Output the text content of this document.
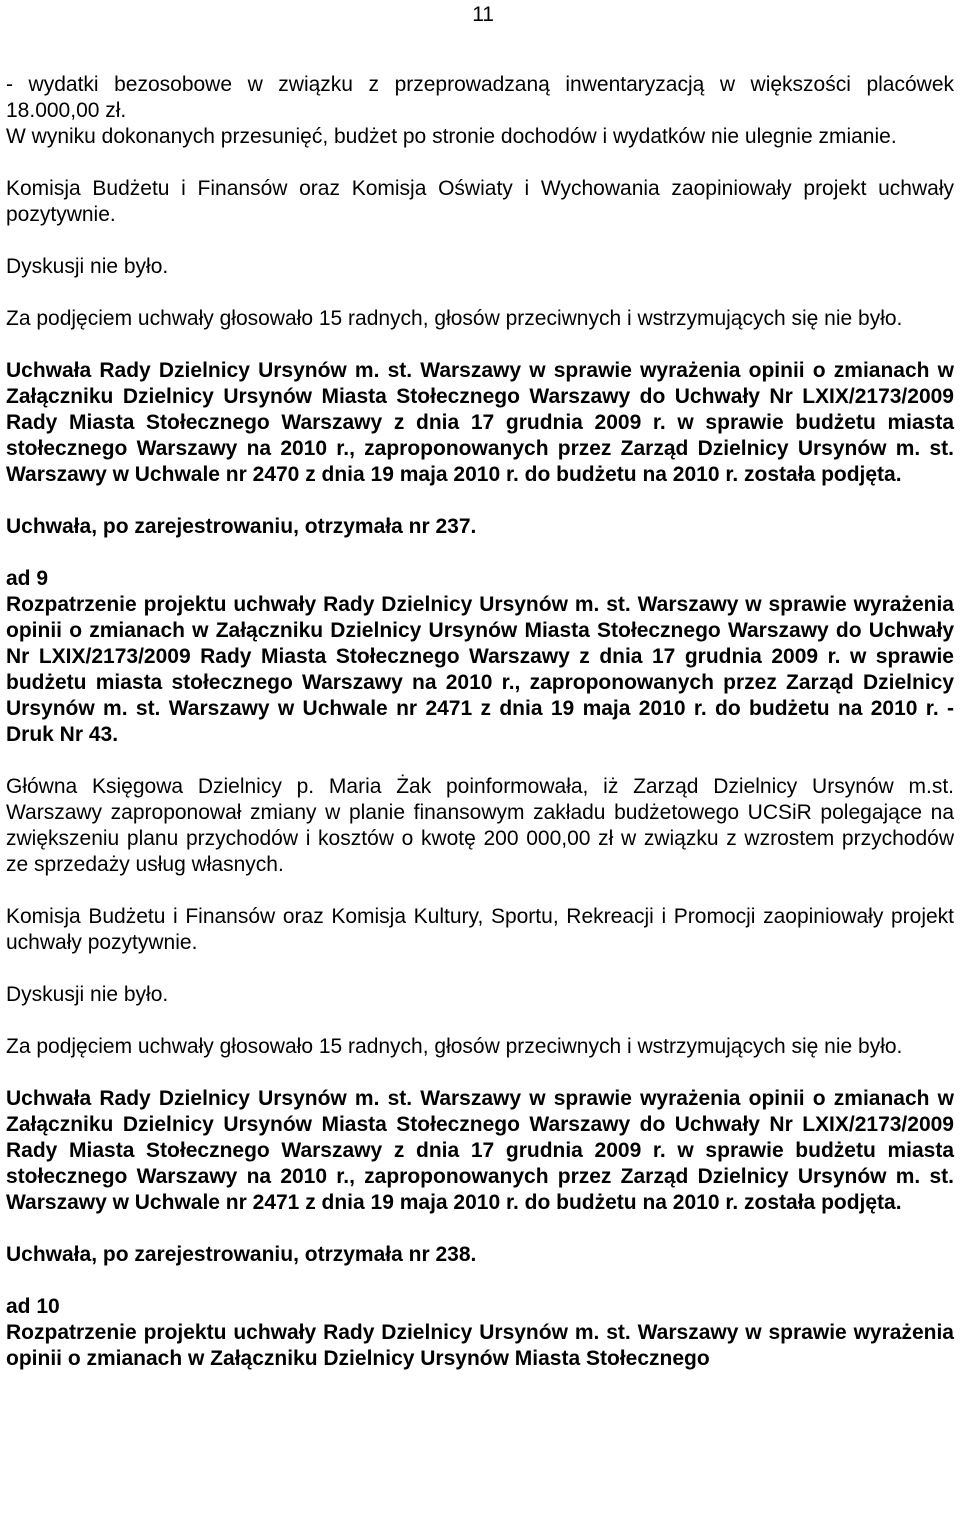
11

- wydatki bezosobowe w związku z przeprowadzaną inwentaryzacją w większości placówek 18.000,00 zł.

W wyniku dokonanych przesunięć, budżet po stronie dochodów i wydatków nie ulegnie zmianie.

Komisja Budżetu i Finansów oraz Komisja Oświaty i Wychowania zaopiniowały projekt uchwały pozytywnie.

Dyskusji nie było.

Za podjęciem uchwały głosowało 15 radnych, głosów przeciwnych i wstrzymujących się nie było.

Uchwała Rady Dzielnicy Ursynów m. st. Warszawy w sprawie wyrażenia opinii o zmianach w Załączniku Dzielnicy Ursynów Miasta Stołecznego Warszawy do Uchwały Nr LXIX/2173/2009 Rady Miasta Stołecznego Warszawy z dnia 17 grudnia 2009 r. w sprawie budżetu miasta stołecznego Warszawy na 2010 r., zaproponowanych przez Zarząd Dzielnicy Ursynów m. st. Warszawy w Uchwale nr 2470 z dnia 19 maja 2010 r. do budżetu na 2010 r. została podjęta.

Uchwała, po zarejestrowaniu, otrzymała nr 237.

ad 9

Rozpatrzenie projektu uchwały Rady Dzielnicy Ursynów m. st. Warszawy w sprawie wyrażenia opinii o zmianach w Załączniku Dzielnicy Ursynów Miasta Stołecznego Warszawy do Uchwały Nr LXIX/2173/2009 Rady Miasta Stołecznego Warszawy z dnia 17 grudnia 2009 r. w sprawie budżetu miasta stołecznego Warszawy na 2010 r., zaproponowanych przez Zarząd Dzielnicy Ursynów m. st. Warszawy w Uchwale nr 2471 z dnia 19 maja 2010 r. do budżetu na 2010 r. - Druk Nr 43.

Główna Księgowa Dzielnicy p. Maria Żak poinformowała, iż Zarząd Dzielnicy Ursynów m.st. Warszawy zaproponował zmiany w planie finansowym zakładu budżetowego UCSiR polegające na zwiększeniu planu przychodów i kosztów o kwotę 200 000,00 zł w związku z wzrostem przychodów ze sprzedaży usług własnych.

Komisja Budżetu i Finansów oraz Komisja Kultury, Sportu, Rekreacji i Promocji zaopiniowały projekt uchwały pozytywnie.

Dyskusji nie było.

Za podjęciem uchwały głosowało 15 radnych, głosów przeciwnych i wstrzymujących się nie było.

Uchwała Rady Dzielnicy Ursynów m. st. Warszawy w sprawie wyrażenia opinii o zmianach w Załączniku Dzielnicy Ursynów Miasta Stołecznego Warszawy do Uchwały Nr LXIX/2173/2009 Rady Miasta Stołecznego Warszawy z dnia 17 grudnia 2009 r. w sprawie budżetu miasta stołecznego Warszawy na 2010 r., zaproponowanych przez Zarząd Dzielnicy Ursynów m. st. Warszawy w Uchwale nr 2471 z dnia 19 maja 2010 r. do budżetu na 2010 r. została podjęta.

Uchwała, po zarejestrowaniu, otrzymała nr 238.

ad 10

Rozpatrzenie projektu uchwały Rady Dzielnicy Ursynów m. st. Warszawy w sprawie wyrażenia opinii o zmianach w Załączniku Dzielnicy Ursynów Miasta Stołecznego
